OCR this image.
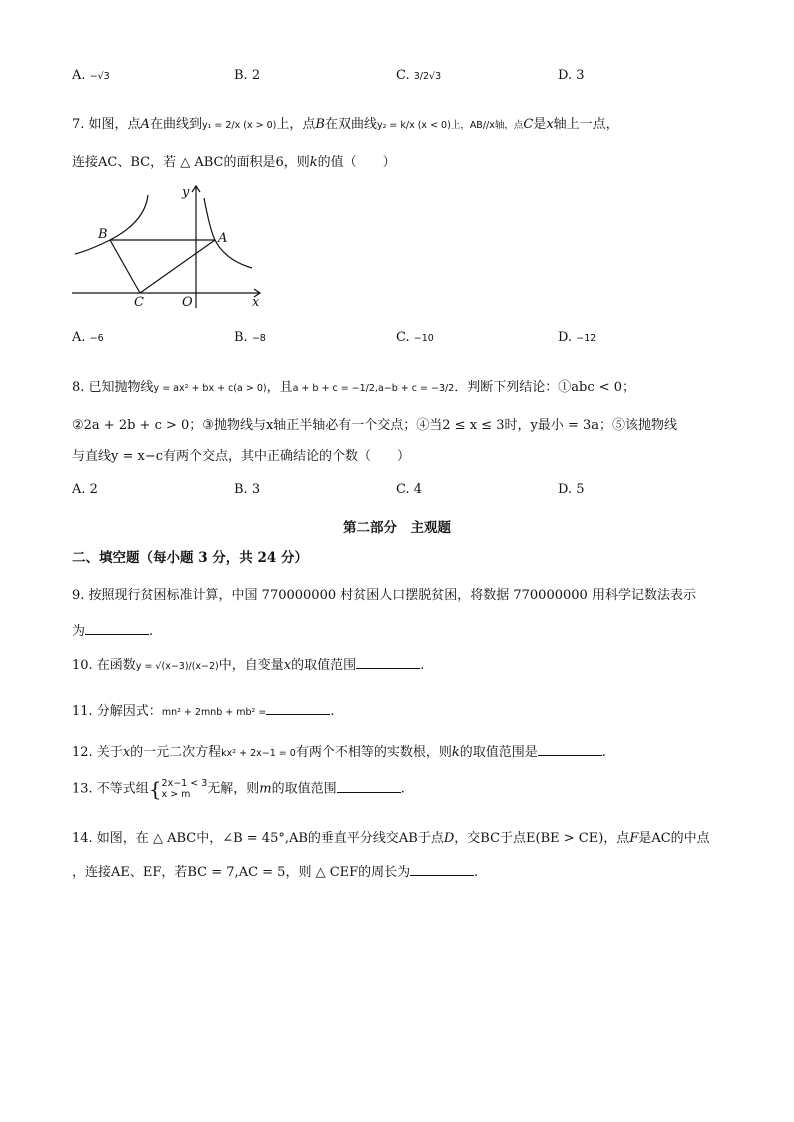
A. −√3	B. 2	C. 3/2√3	D. 3
7. 如图，点A在曲线到y₁ = 2/x (x > 0)上，点B在双曲线y₂ = k/x (x < 0)上，AB//x轴，点C是x轴上一点，
连接AC、BC，若 △ ABC的面积是6，则k的值（　　）
y
x
A
B
C	O
A. −6	B. −8	C. −10	D. −12
8. 已知抛物线y = ax² + bx + c(a > 0)，且a + b + c = −1/2,a−b + c = −3/2．判断下列结论：①abc < 0；
②2a + 2b + c > 0；③抛物线与x轴正半轴必有一个交点；④当2 ≤ x ≤ 3时，y最小 = 3a；⑤该抛物线
与直线y = x−c有两个交点，其中正确结论的个数（　　）
A. 2	B. 3	C. 4	D. 5
第二部分　主观题
二、填空题（每小题 3 分，共 24 分）
9. 按照现行贫困标准计算，中国 770000000 村贫困人口摆脱贫困，将数据 770000000 用科学记数法表示
为	.
10. 在函数y = √(x−3)/(x−2)中，自变量x的取值范围	.
11. 分解因式：mn² + 2mnb + mb² =	.
12. 关于x的一元二次方程kx² + 2x−1 = 0有两个不相等的实数根，则k的取值范围是	.
13. 不等式组{ 2x−1 < 3
x > m	无解，则m的取值范围	.
14. 如图，在 △ ABC中，∠B = 45°,AB的垂直平分线交AB于点D，交BC于点E(BE > CE)，点F是AC的中点
，连接AE、EF，若BC = 7,AC = 5，则 △ CEF的周长为	.
